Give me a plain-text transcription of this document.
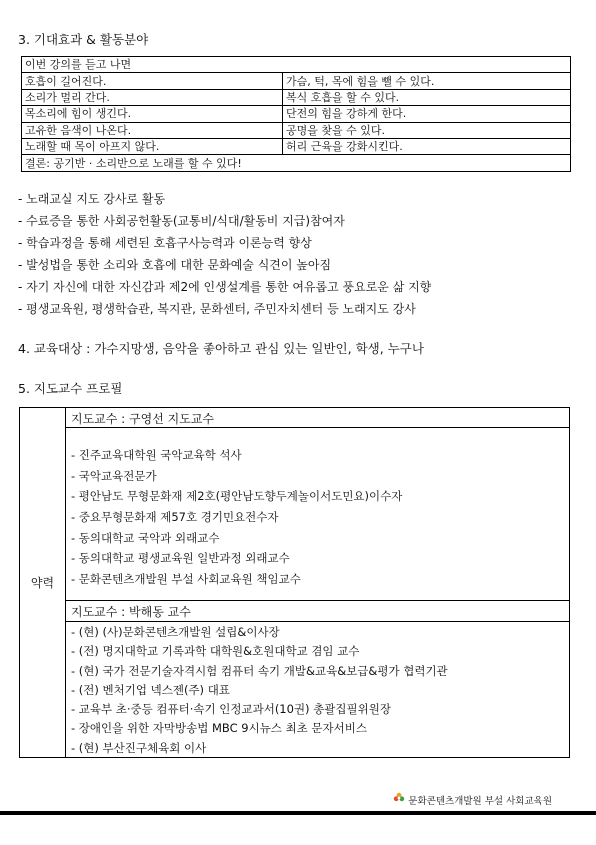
3. 기대효과 & 활동분야
이번 강의를 듣고 나면	
호흡이 길어진다.	가슴, 턱, 목에 힘을 뺄 수 있다.
소리가 멀리 간다.	복식 호흡을 할 수 있다.
목소리에 힘이 생긴다.	단전의 힘을 강하게 한다.
고유한 음색이 나온다.	공명을 찾을 수 있다.
노래할 때 목이 아프지 않다.	허리 근육을 강화시킨다.
결론: 공기반 · 소리반으로 노래를 할 수 있다!	
- 노래교실 지도 강사로 활동
- 수료증을 통한 사회공헌활동(교통비/식대/활동비 지급)참여자
- 학습과정을 통해 세련된 호흡구사능력과 이론능력 향상
- 발성법을 통한 소리와 호흡에 대한 문화예술 식견이 높아짐
- 자기 자신에 대한 자신감과 제2에 인생설계를 통한 여유롭고 풍요로운 삶 지향
- 평생교육원, 평생학습관, 복지관, 문화센터, 주민자치센터 등 노래지도 강사
4. 교육대상 : 가수지망생, 음악을 좋아하고 관심 있는 일반인, 학생, 누구나
5. 지도교수 프로필
약력
지도교수 : 구영선 지도교수
- 진주교육대학원 국악교육학 석사
- 국악교육전문가
- 평안남도 무형문화재 제2호(평안남도향두계놀이서도민요)이수자
- 중요무형문화재 제57호 경기민요전수자
- 동의대학교 국악과 외래교수
- 동의대학교 평생교육원 일반과정 외래교수
- 문화콘텐츠개발원 부설 사회교육원 책임교수
지도교수 : 박해동 교수
- (현) (사)문화콘텐츠개발원 설립&이사장
- (전) 명지대학교 기록과학 대학원&호원대학교 겸임 교수
- (현) 국가 전문기술자격시험 컴퓨터 속기 개발&교육&보급&평가 협력기관
- (전) 벤처기업 넥스젠(주) 대표
- 교육부 초·중등 컴퓨터·속기 인정교과서(10권) 총괄집필위원장
- 장애인을 위한 자막방송법 MBC 9시뉴스 최초 문자서비스
- (현) 부산진구체육회 이사
문화콘텐츠개발원 부설 사회교육원
